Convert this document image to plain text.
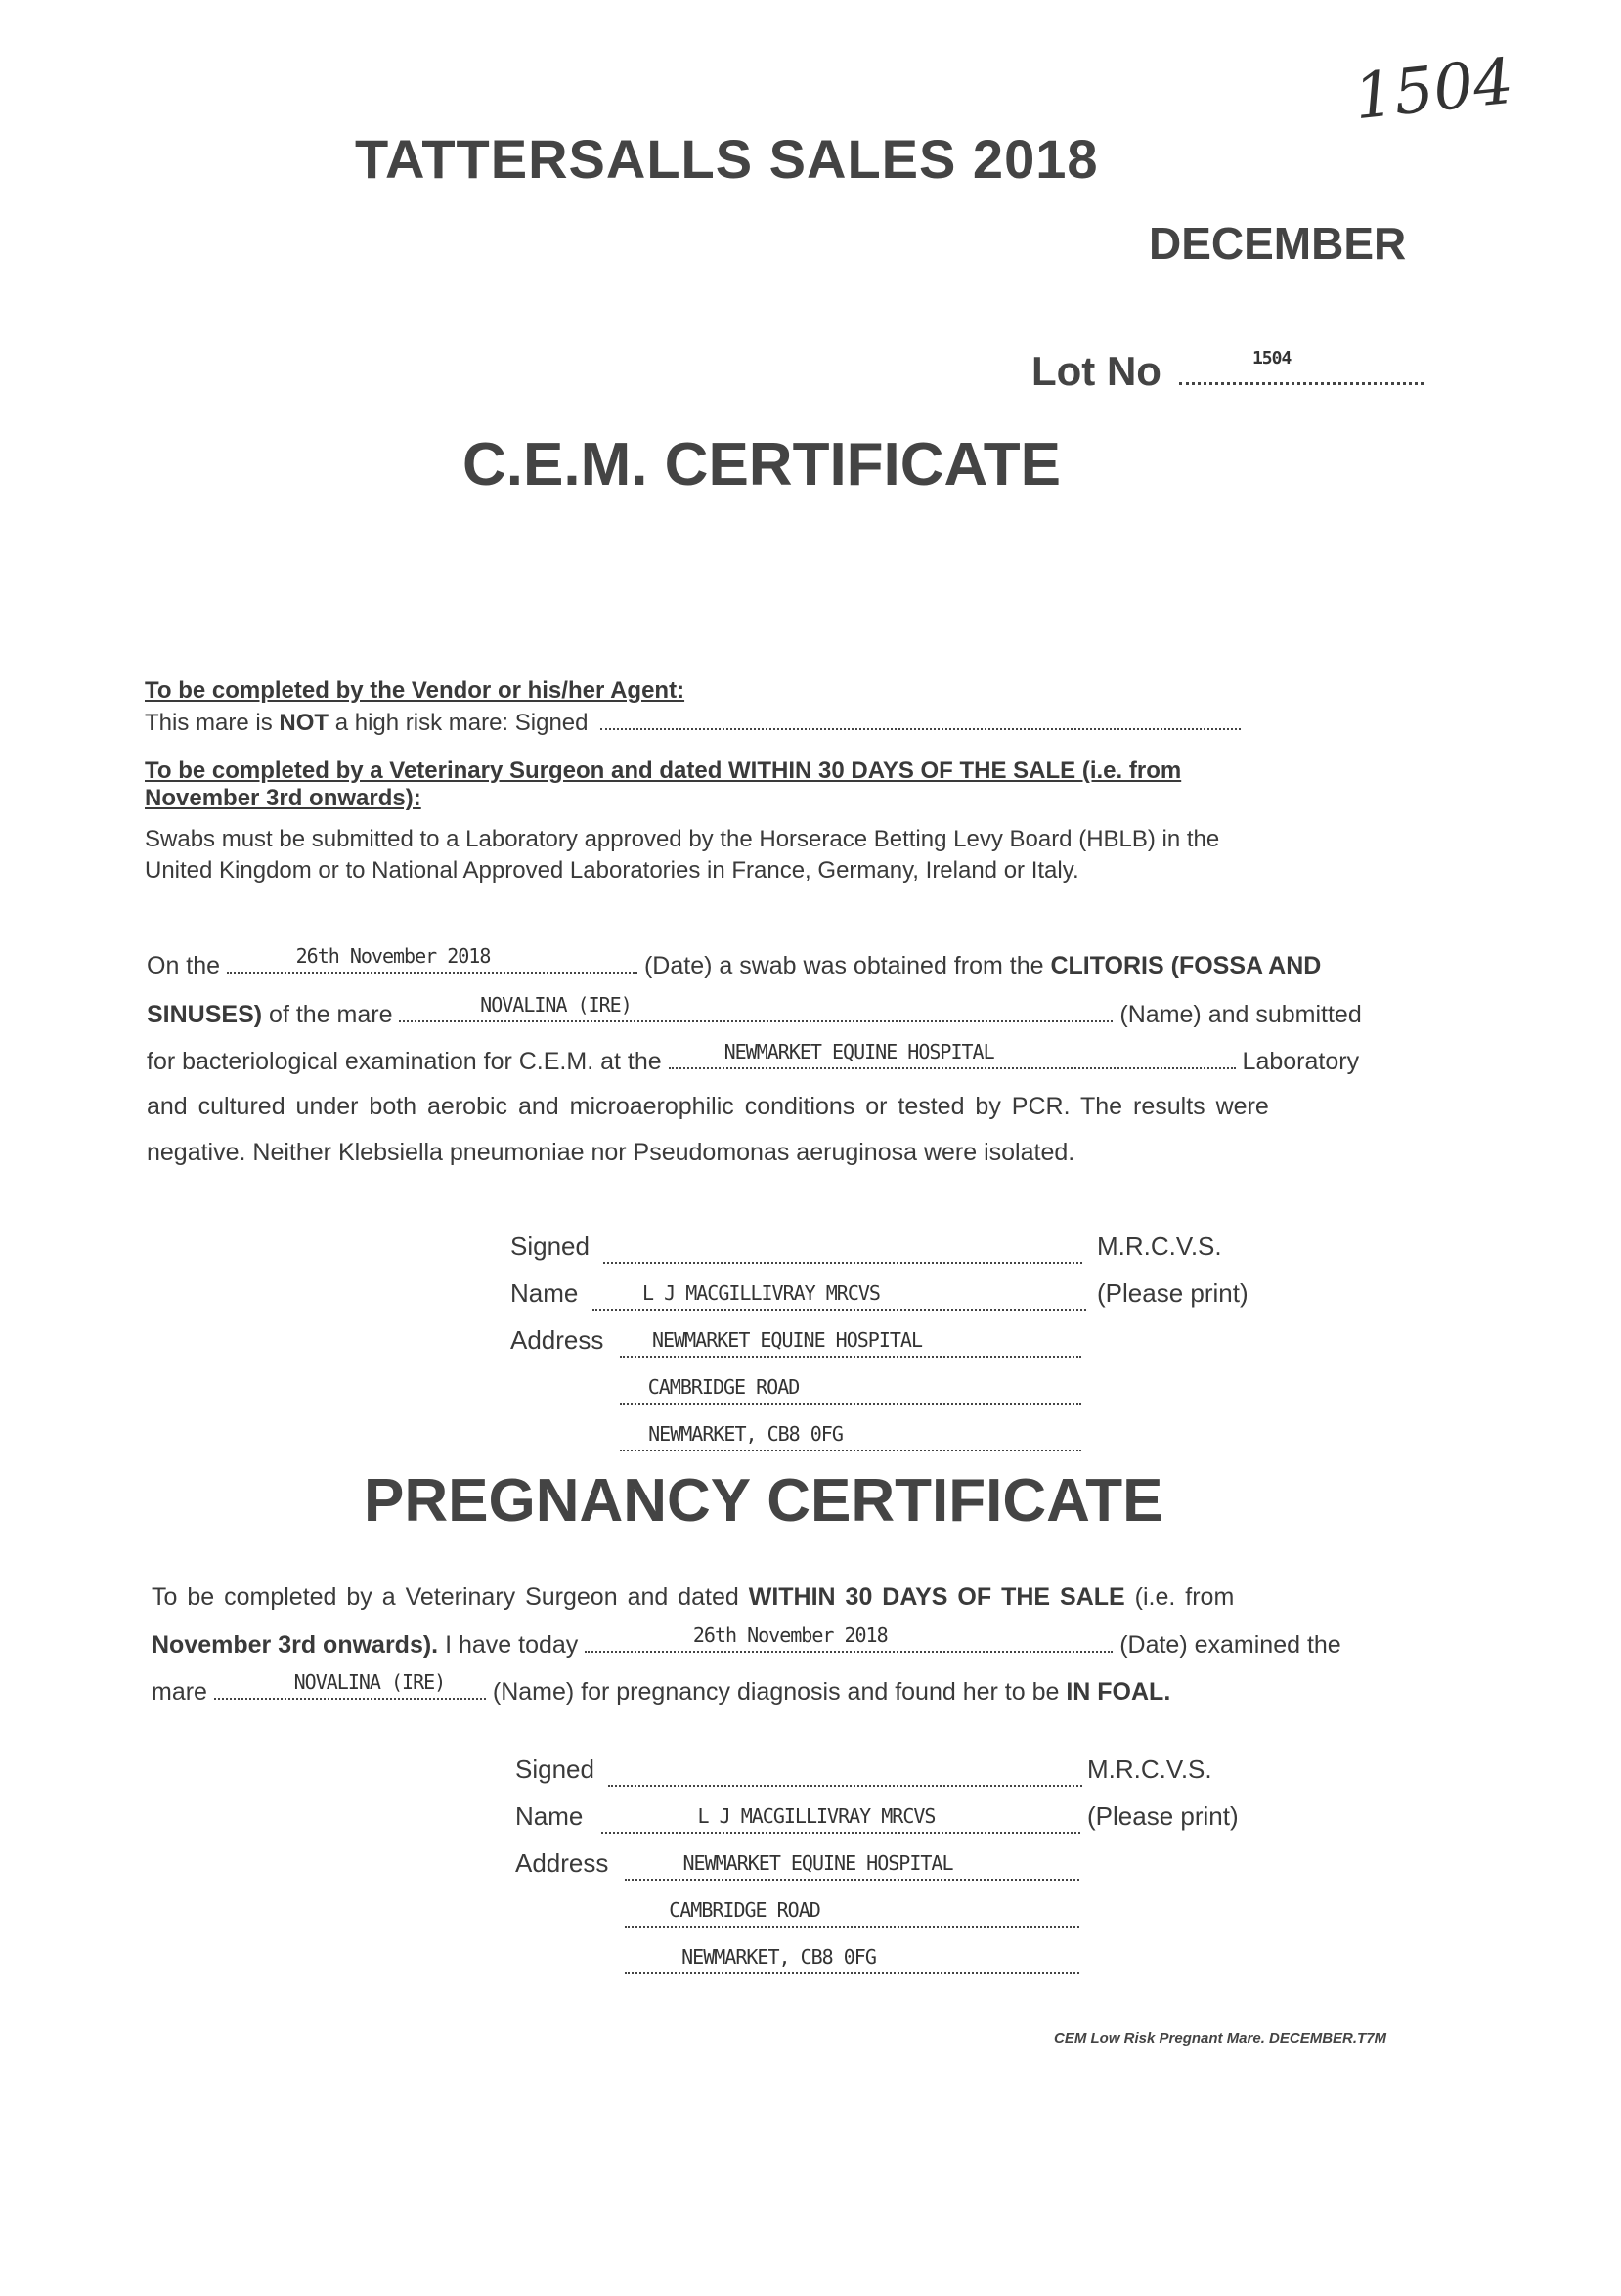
1504
TATTERSALLS SALES 2018
DECEMBER
Lot No	1504
C.E.M. CERTIFICATE
To be completed by the Vendor or his/her Agent:
This mare is NOT a high risk mare: Signed
To be completed by a Veterinary Surgeon and dated WITHIN 30 DAYS OF THE SALE (i.e. from
November 3rd onwards):
Swabs must be submitted to a Laboratory approved by the Horserace Betting Levy Board (HBLB) in the
United Kingdom or to National Approved Laboratories in France, Germany, Ireland or Italy.
On the	26th November 2018	(Date) a swab was obtained from the CLITORIS (FOSSA AND
SINUSES) of the mare	NOVALINA (IRE)	(Name) and submitted
for bacteriological examination for C.E.M. at the	NEWMARKET EQUINE HOSPITAL	Laboratory
and cultured under both aerobic and microaerophilic conditions or tested by PCR. The results were
negative. Neither Klebsiella pneumoniae nor Pseudomonas aeruginosa were isolated.
Signed	M.R.C.V.S.
Name	L J MACGILLIVRAY MRCVS	(Please print)
Address	NEWMARKET EQUINE HOSPITAL
CAMBRIDGE ROAD
NEWMARKET, CB8 0FG
PREGNANCY CERTIFICATE
To be completed by a Veterinary Surgeon and dated WITHIN 30 DAYS OF THE SALE (i.e. from
November 3rd onwards). I have today	26th November 2018	(Date) examined the
mare	NOVALINA (IRE)	(Name) for pregnancy diagnosis and found her to be IN FOAL.
Signed	M.R.C.V.S.
Name	L J MACGILLIVRAY MRCVS	(Please print)
Address	NEWMARKET EQUINE HOSPITAL
CAMBRIDGE ROAD
NEWMARKET, CB8 0FG
CEM Low Risk Pregnant Mare. DECEMBER.T7M
